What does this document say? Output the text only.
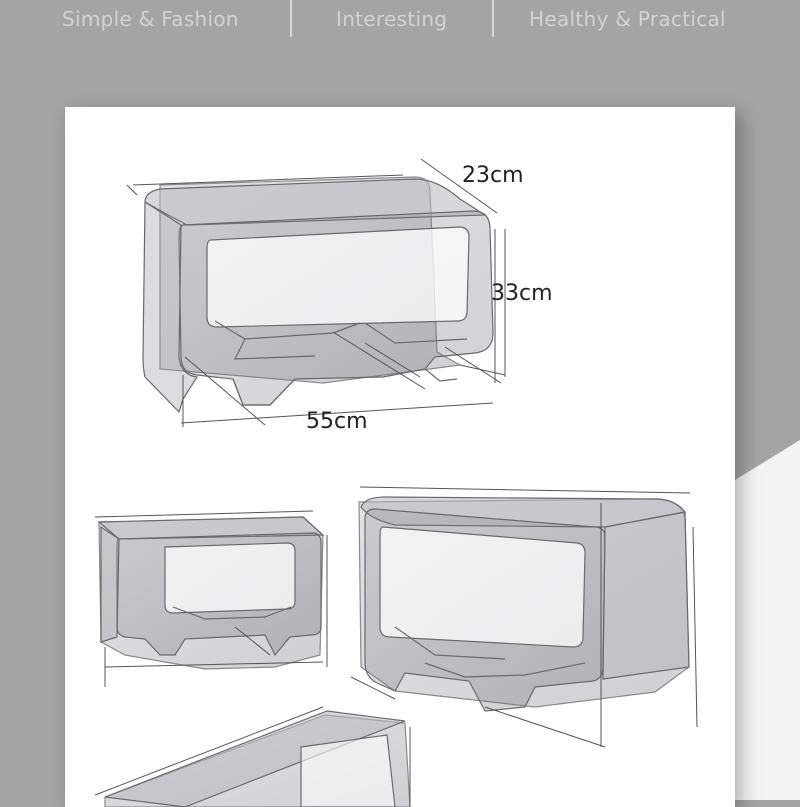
Simple & Fashion	Interesting	Healthy & Practical
23cm
33cm
55cm
